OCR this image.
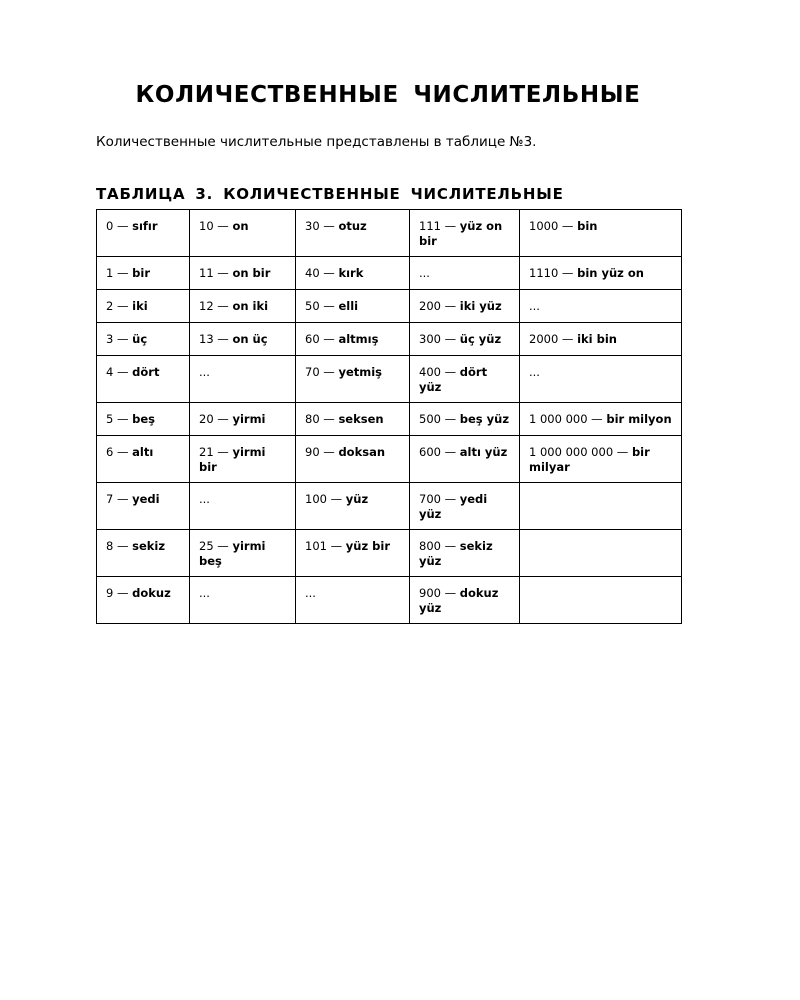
КОЛИЧЕСТВЕННЫЕ ЧИСЛИТЕЛЬНЫЕ

Количественные числительные представлены в таблице №3.

ТАБЛИЦА 3. КОЛИЧЕСТВЕННЫЕ ЧИСЛИТЕЛЬНЫЕ
0 — sıfır	10 — on	30 — otuz	111 — yüz on bir	1000 — bin
1 — bir	11 — on bir	40 — kırk	...	1110 — bin yüz on
2 — iki	12 — on iki	50 — elli	200 — iki yüz	...
3 — üç	13 — on üç	60 — altmış	300 — üç yüz	2000 — iki bin
4 — dört	...	70 — yetmiş	400 — dört yüz	...
5 — beş	20 — yirmi	80 — seksen	500 — beş yüz	1 000 000 — bir milyon
6 — altı	21 — yirmi bir	90 — doksan	600 — altı yüz	1 000 000 000 — bir milyar
7 — yedi	...	100 — yüz	700 — yedi yüz	
8 — sekiz	25 — yirmi beş	101 — yüz bir	800 — sekiz yüz	
9 — dokuz	...	...	900 — dokuz yüz	
